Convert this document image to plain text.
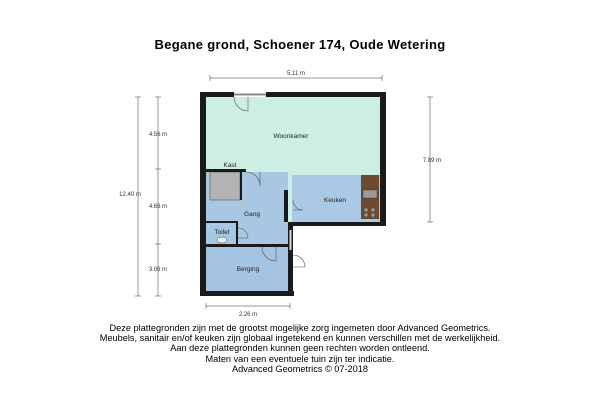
Begane grond, Schoener 174, Oude Wetering
5.11 m
7.89 m
12.40 m
4.56 m
4.66 m
3.06 m
2.26 m
Woonkamer
Kast
Keuken
Gang
Toilet
Berging
Deze plattegronden zijn met de grootst mogelijke zorg ingemeten door Advanced Geometrics.
Meubels, sanitair en/of keuken zijn globaal ingetekend en kunnen verschillen met de werkelijkheid.
Aan deze plattegronden kunnen geen rechten worden ontleend.
Maten van een eventuele tuin zijn ter indicatie.
Advanced Geometrics © 07-2018
